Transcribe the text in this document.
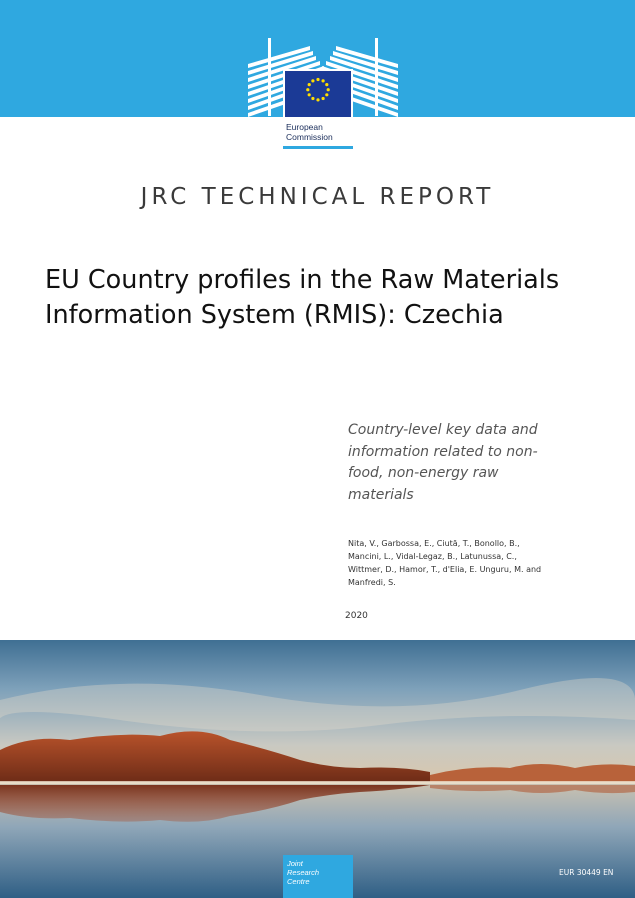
European
Commission
JRC TECHNICAL REPORT
EU Country profiles in the Raw Materials
Information System (RMIS): Czechia
Country-level key data and
information related to non-
food, non-energy raw
materials
Nita, V., Garbossa, E., Ciută, T., Bonollo, B.,
Mancini, L., Vidal-Legaz, B., Latunussa, C.,
Wittmer, D., Hamor, T., d'Elia, E. Unguru, M. and
Manfredi, S.
2020
Joint
Research
Centre
EUR 30449 EN
